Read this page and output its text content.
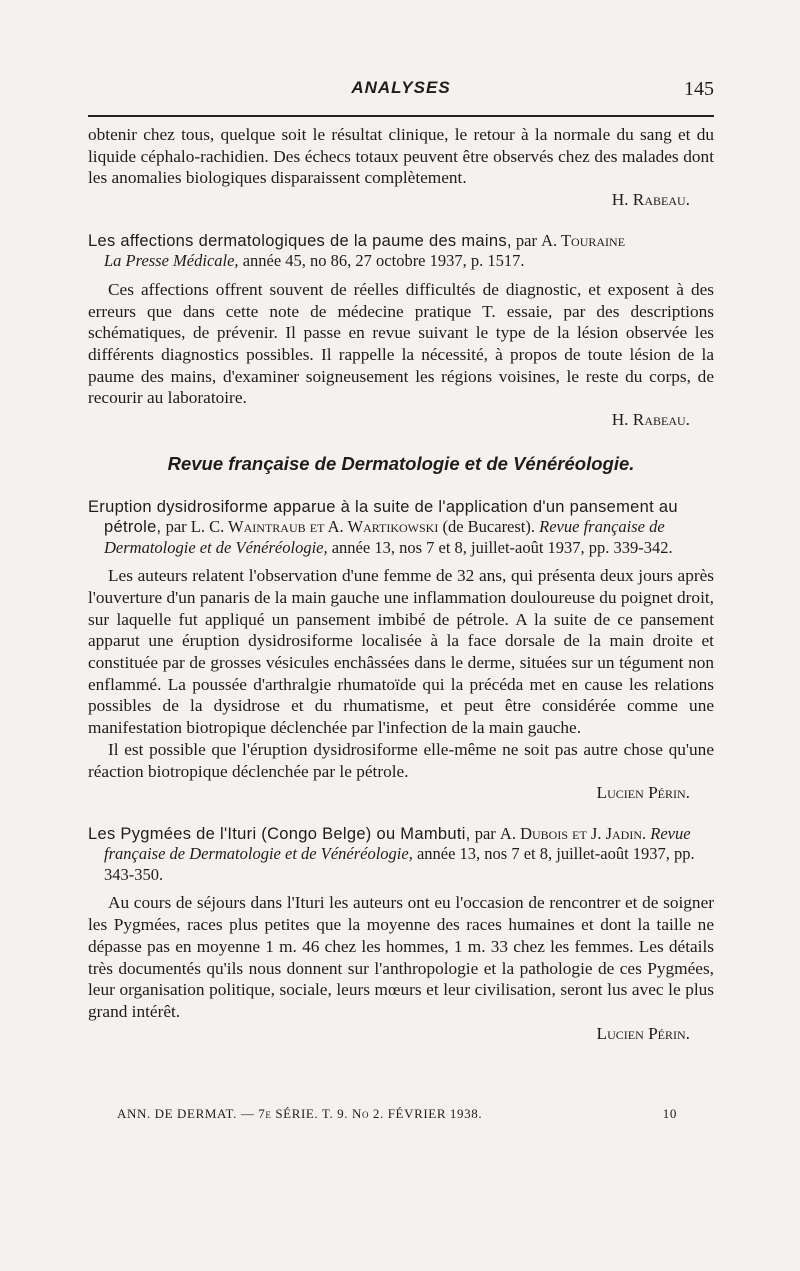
ANALYSES	145

obtenir chez tous, quelque soit le résultat clinique, le retour à la normale du sang et du liquide céphalo-rachidien. Des échecs totaux peuvent être observés chez des malades dont les anomalies biologiques disparaissent complètement.

H. Rabeau.

Les affections dermatologiques de la paume des mains, par A. Touraine
La Presse Médicale, année 45, no 86, 27 octobre 1937, p. 1517.

Ces affections offrent souvent de réelles difficultés de diagnostic, et exposent à des erreurs que dans cette note de médecine pratique T. essaie, par des descriptions schématiques, de prévenir. Il passe en revue suivant le type de la lésion observée les différents diagnostics possibles. Il rappelle la nécessité, à propos de toute lésion de la paume des mains, d'examiner soigneusement les régions voisines, le reste du corps, de recourir au laboratoire.

H. Rabeau.

Revue française de Dermatologie et de Vénéréologie.
Eruption dysidrosiforme apparue à la suite de l'application d'un pansement au pétrole, par L. C. Waintraub et A. Wartikowski (de Bucarest). Revue française de Dermatologie et de Vénéréologie, année 13, nos 7 et 8, juillet-août 1937, pp. 339-342.

Les auteurs relatent l'observation d'une femme de 32 ans, qui présenta deux jours après l'ouverture d'un panaris de la main gauche une inflammation douloureuse du poignet droit, sur laquelle fut appliqué un pansement imbibé de pétrole. A la suite de ce pansement apparut une éruption dysidrosiforme localisée à la face dorsale de la main droite et constituée par de grosses vésicules enchâssées dans le derme, situées sur un tégument non enflammé. La poussée d'arthralgie rhumatoïde qui la précéda met en cause les relations possibles de la dysidrose et du rhumatisme, et peut être considérée comme une manifestation biotropique déclenchée par l'infection de la main gauche.

Il est possible que l'éruption dysidrosiforme elle-même ne soit pas autre chose qu'une réaction biotropique déclenchée par le pétrole.

Lucien Périn.

Les Pygmées de l'Ituri (Congo Belge) ou Mambuti, par A. Dubois et J. Jadin. Revue française de Dermatologie et de Vénéréologie, année 13, nos 7 et 8, juillet-août 1937, pp. 343-350.

Au cours de séjours dans l'Ituri les auteurs ont eu l'occasion de rencontrer et de soigner les Pygmées, races plus petites que la moyenne des races humaines et dont la taille ne dépasse pas en moyenne 1 m. 46 chez les hommes, 1 m. 33 chez les femmes. Les détails très documentés qu'ils nous donnent sur l'anthropologie et la pathologie de ces Pygmées, leur organisation politique, sociale, leurs mœurs et leur civilisation, seront lus avec le plus grand intérêt.

Lucien Périn.

ANN. DE DERMAT. — 7e SÉRIE. T. 9. No 2. FÉVRIER 1938.	10
